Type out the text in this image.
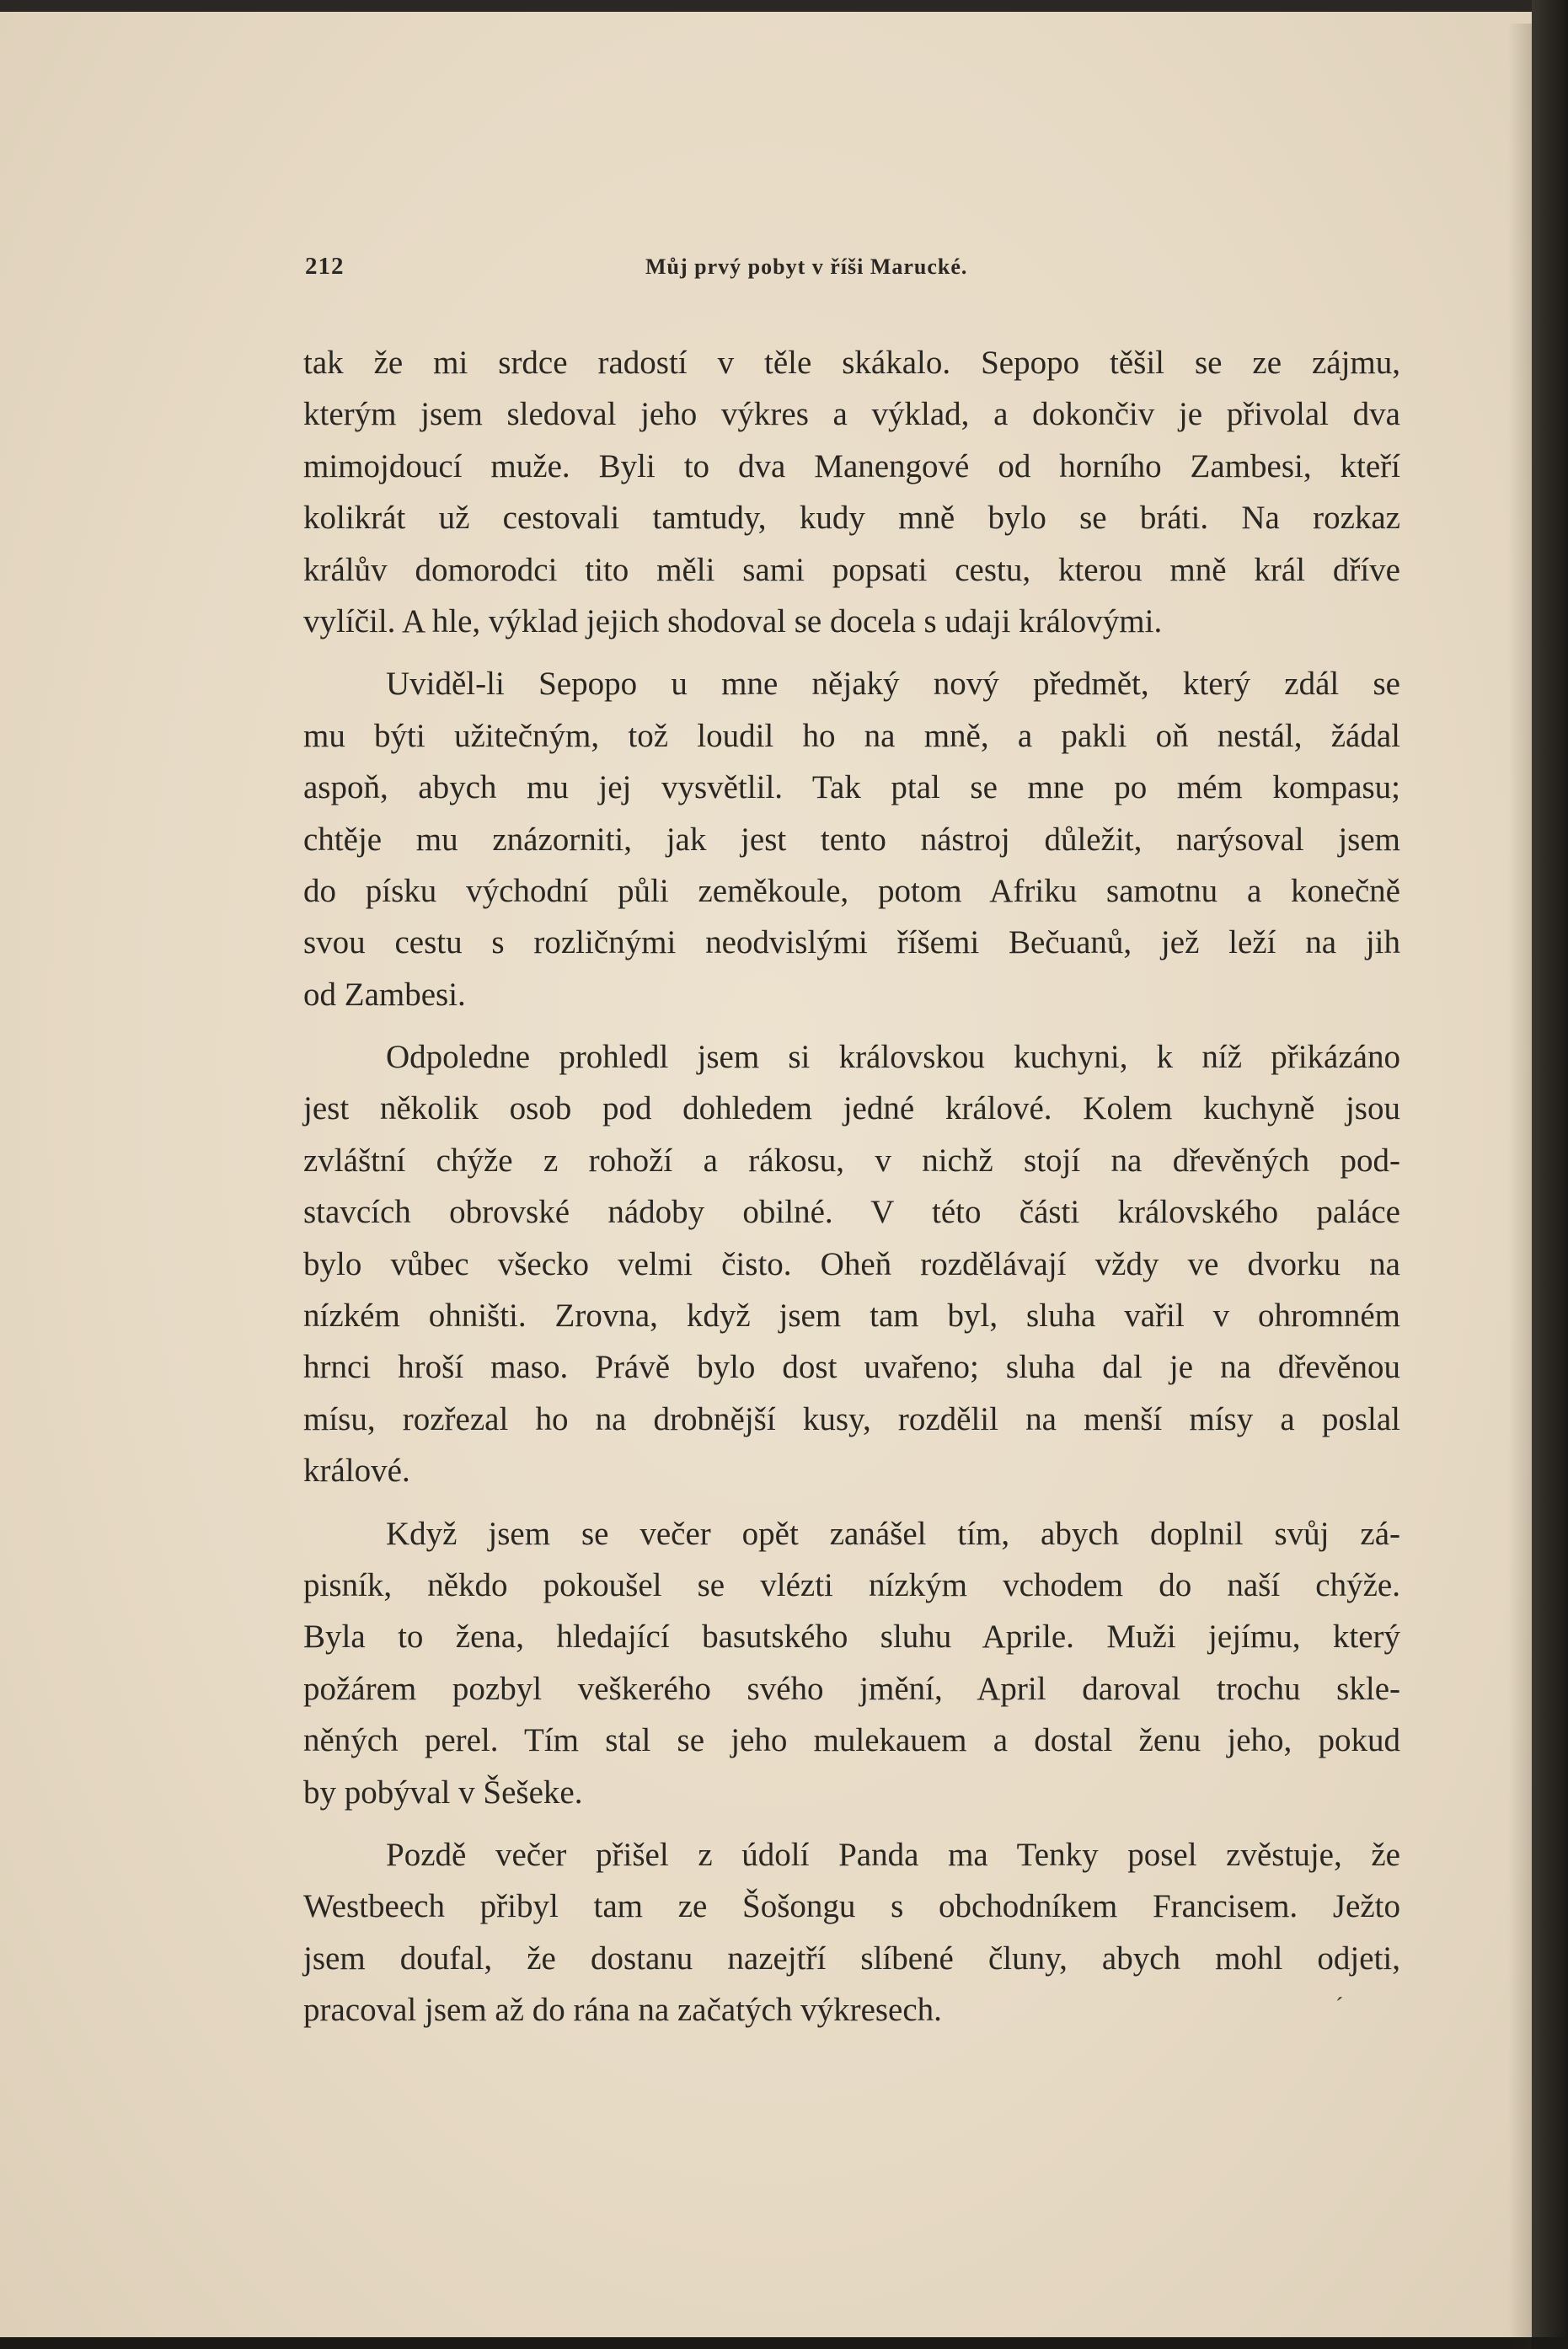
212	Můj prvý pobyt v říši Marucké.

tak že mi srdce radostí v těle skákalo. Sepopo těšil se ze zájmu,
kterým jsem sledoval jeho výkres a výklad, a dokončiv je přivolal dva
mimojdoucí muže. Byli to dva Manengové od horního Zambesi, kteří
kolikrát už cestovali tamtudy, kudy mně bylo se bráti. Na rozkaz
králův domorodci tito měli sami popsati cestu, kterou mně král dříve
vylíčil. A hle, výklad jejich shodoval se docela s udaji královými.

Uviděl-li Sepopo u mne nějaký nový předmět, který zdál se
mu býti užitečným, tož loudil ho na mně, a pakli oň nestál, žádal
aspoň, abych mu jej vysvětlil. Tak ptal se mne po mém kompasu;
chtěje mu znázorniti, jak jest tento nástroj důležit, narýsoval jsem
do písku východní půli zeměkoule, potom Afriku samotnu a konečně
svou cestu s rozličnými neodvislými říšemi Bečuanů, jež leží na jih
od Zambesi.

Odpoledne prohledl jsem si královskou kuchyni, k níž přikázáno
jest několik osob pod dohledem jedné králové. Kolem kuchyně jsou
zvláštní chýže z rohoží a rákosu, v nichž stojí na dřevěných pod-
stavcích obrovské nádoby obilné. V této části královského paláce
bylo vůbec všecko velmi čisto. Oheň rozdělávají vždy ve dvorku na
nízkém ohništi. Zrovna, když jsem tam byl, sluha vařil v ohromném
hrnci hroší maso. Právě bylo dost uvařeno; sluha dal je na dřevěnou
mísu, rozřezal ho na drobnější kusy, rozdělil na menší mísy a poslal
králové.

Když jsem se večer opět zanášel tím, abych doplnil svůj zá-
pisník, někdo pokoušel se vlézti nízkým vchodem do naší chýže.
Byla to žena, hledající basutského sluhu Aprile. Muži jejímu, který
požárem pozbyl veškerého svého jmění, April daroval trochu skle-
něných perel. Tím stal se jeho mulekauem a dostal ženu jeho, pokud
by pobýval v Šešeke.

Pozdě večer přišel z údolí Panda ma Tenky posel zvěstuje, že
Westbeech přibyl tam ze Šošongu s obchodníkem Francisem. Ježto
jsem doufal, že dostanu nazejtří slíbené čluny, abych mohl odjeti,
pracoval jsem až do rána na začatých výkresech.	´
